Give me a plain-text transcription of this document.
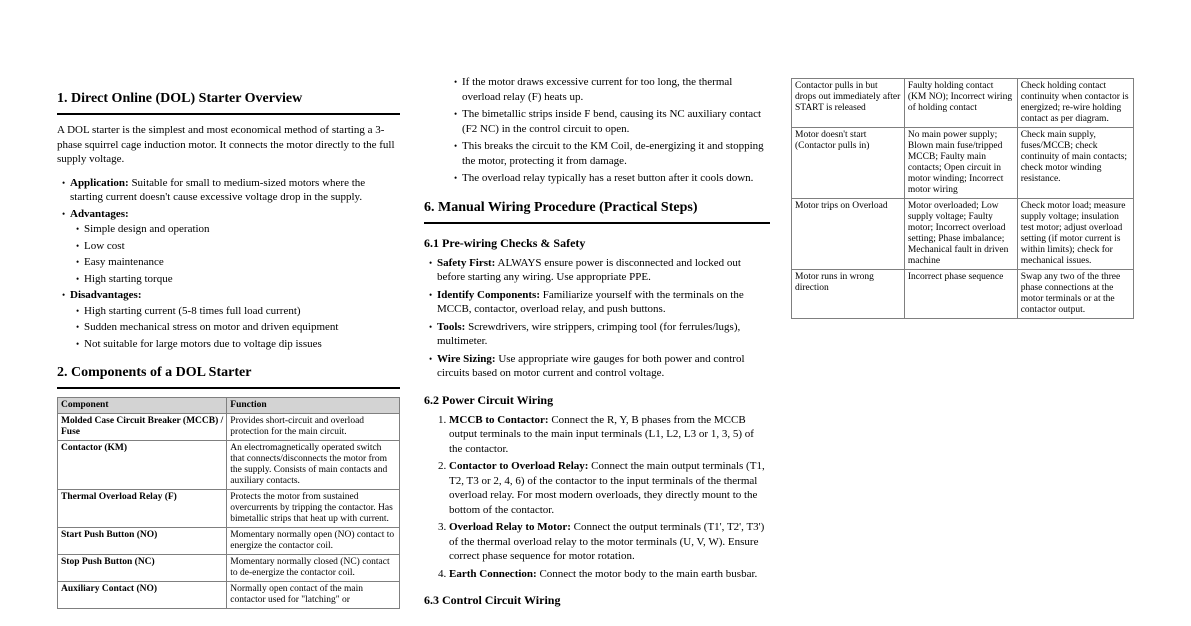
1. Direct Online (DOL) Starter Overview

A DOL starter is the simplest and most economical method of starting a 3-phase squirrel cage induction motor. It connects the motor directly to the full supply voltage.

• Application: Suitable for small to medium-sized motors where the starting current doesn't cause excessive voltage drop in the supply.
• Advantages:
• Simple design and operation
• Low cost
• Easy maintenance
• High starting torque
• Disadvantages:
• High starting current (5-8 times full load current)
• Sudden mechanical stress on motor and driven equipment
• Not suitable for large motors due to voltage dip issues
2. Components of a DOL Starter
Component	Function
Molded Case Circuit Breaker (MCCB) / Fuse	Provides short-circuit and overload protection for the main circuit.
Contactor (KM)	An electromagnetically operated switch that connects/disconnects the motor from the supply. Consists of main contacts and auxiliary contacts.
Thermal Overload Relay (F)	Protects the motor from sustained overcurrents by tripping the contactor. Has bimetallic strips that heat up with current.
Start Push Button (NO)	Momentary normally open (NO) contact to energize the contactor coil.
Stop Push Button (NC)	Momentary normally closed (NC) contact to de-energize the contactor coil.
Auxiliary Contact (NO)	Normally open contact of the main contactor used for "latching" or
• If the motor draws excessive current for too long, the thermal overload relay (F) heats up.
• The bimetallic strips inside F bend, causing its NC auxiliary contact (F2 NC) in the control circuit to open.
• This breaks the circuit to the KM Coil, de-energizing it and stopping the motor, protecting it from damage.
• The overload relay typically has a reset button after it cools down.
6. Manual Wiring Procedure (Practical Steps)
6.1 Pre-wiring Checks & Safety
• Safety First: ALWAYS ensure power is disconnected and locked out before starting any wiring. Use appropriate PPE.
• Identify Components: Familiarize yourself with the terminals on the MCCB, contactor, overload relay, and push buttons.
• Tools: Screwdrivers, wire strippers, crimping tool (for ferrules/lugs), multimeter.
• Wire Sizing: Use appropriate wire gauges for both power and control circuits based on motor current and control voltage.
6.2 Power Circuit Wiring
1. MCCB to Contactor: Connect the R, Y, B phases from the MCCB output terminals to the main input terminals (L1, L2, L3 or 1, 3, 5) of the contactor.
2. Contactor to Overload Relay: Connect the main output terminals (T1, T2, T3 or 2, 4, 6) of the contactor to the input terminals of the thermal overload relay. For most modern overloads, they directly mount to the bottom of the contactor.
3. Overload Relay to Motor: Connect the output terminals (T1', T2', T3') of the thermal overload relay to the motor terminals (U, V, W). Ensure correct phase sequence for motor rotation.
4. Earth Connection: Connect the motor body to the main earth busbar.
6.3 Control Circuit Wiring
Contactor pulls in but drops out immediately after START is released	Faulty holding contact (KM NO); Incorrect wiring of holding contact	Check holding contact continuity when contactor is energized; re-wire holding contact as per diagram.
Motor doesn't start (Contactor pulls in)	No main power supply; Blown main fuse/tripped MCCB; Faulty main contacts; Open circuit in motor winding; Incorrect motor wiring	Check main supply, fuses/MCCB; check continuity of main contacts; check motor winding resistance.
Motor trips on Overload	Motor overloaded; Low supply voltage; Faulty motor; Incorrect overload setting; Phase imbalance; Mechanical fault in driven machine	Check motor load; measure supply voltage; insulation test motor; adjust overload setting (if motor current is within limits); check for mechanical issues.
Motor runs in wrong direction	Incorrect phase sequence	Swap any two of the three phase connections at the motor terminals or at the contactor output.
